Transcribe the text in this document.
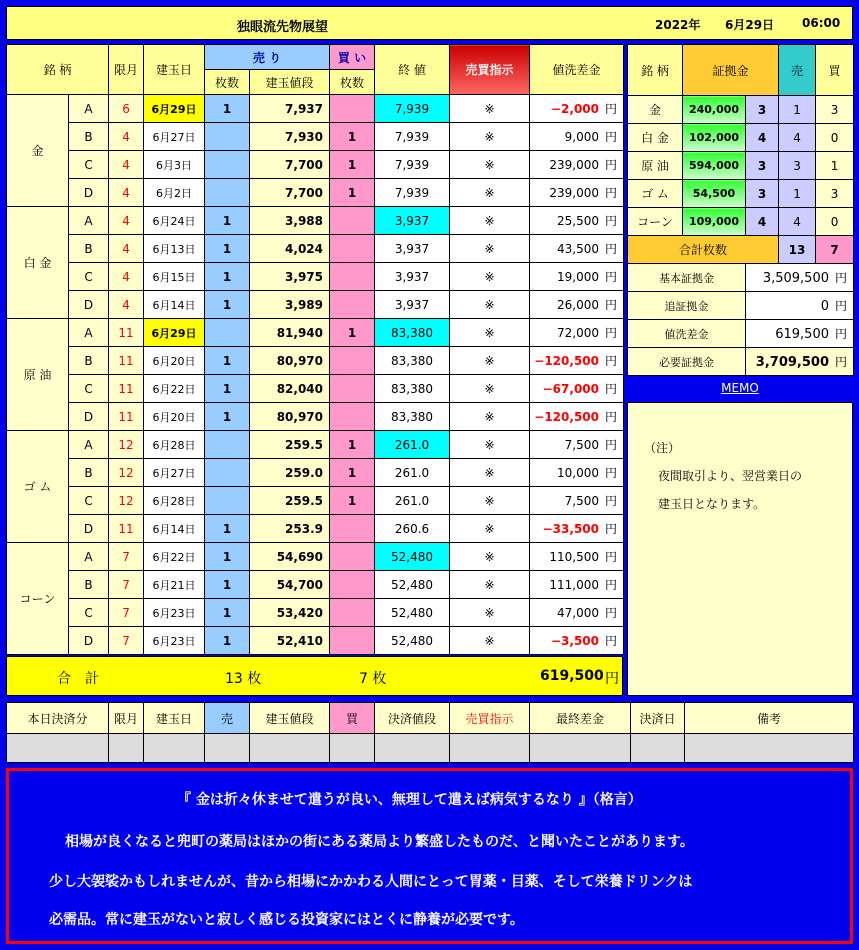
独眼流先物展望	2022年 6月29日 06:00
銘 柄		限月	建玉日	売 り		買 い	終 値	売買指示	値洗差金
				枚数	建玉値段	枚数			
金	A	6	6月29日	1	7,937		7,939	※	−2,000 円
	B	4	6月27日		7,930	1	7,939	※	9,000 円
	C	4	6月3日		7,700	1	7,939	※	239,000 円
	D	4	6月2日		7,700	1	7,939	※	239,000 円
白 金	A	4	6月24日	1	3,988		3,937	※	25,500 円
	B	4	6月13日	1	4,024		3,937	※	43,500 円
	C	4	6月15日	1	3,975		3,937	※	19,000 円
	D	4	6月14日	1	3,989		3,937	※	26,000 円
原 油	A	11	6月29日		81,940	1	83,380	※	72,000 円
	B	11	6月20日	1	80,970		83,380	※	−120,500 円
	C	11	6月22日	1	82,040		83,380	※	−67,000 円
	D	11	6月20日	1	80,970		83,380	※	−120,500 円
ゴ ム	A	12	6月28日		259.5	1	261.0	※	7,500 円
	B	12	6月27日		259.0	1	261.0	※	10,000 円
	C	12	6月28日		259.5	1	261.0	※	7,500 円
	D	11	6月14日	1	253.9		260.6	※	−33,500 円
コーン	A	7	6月22日	1	54,690		52,480	※	110,500 円
	B	7	6月21日	1	54,700		52,480	※	111,000 円
	C	7	6月23日	1	53,420		52,480	※	47,000 円
	D	7	6月23日	1	52,410		52,480	※	−3,500 円
合　計	13 枚	7 枚	619,500 円
銘 柄	証拠金		売	買
金	240,000	3	1	3
白 金	102,000	4	4	0
原 油	594,000	3	3	1
ゴ ム	54,500	3	1	3
コーン	109,000	4	4	0
合計枚数			13	7
基本証拠金		3,509,500 円		
追証拠金		0 円		
値洗差金		619,500 円		
必要証拠金		3,709,500 円		
MEMO

（注）

夜間取引より、翌営業日の

建玉日となります。

本日決済分	限月	建玉日	売	建玉値段	買	決済値段	売買指示	最終差金	決済日	備考

『 金は折々休ませて遣うが良い、無理して遣えば病気するなり 』（格言）
相場が良くなると兜町の薬局はほかの街にある薬局より繁盛したものだ、と聞いたことがあります。
少し大袈裟かもしれませんが、昔から相場にかかわる人間にとって胃薬・目薬、そして栄養ドリンクは
必需品。常に建玉がないと寂しく感じる投資家にはとくに静養が必要です。
